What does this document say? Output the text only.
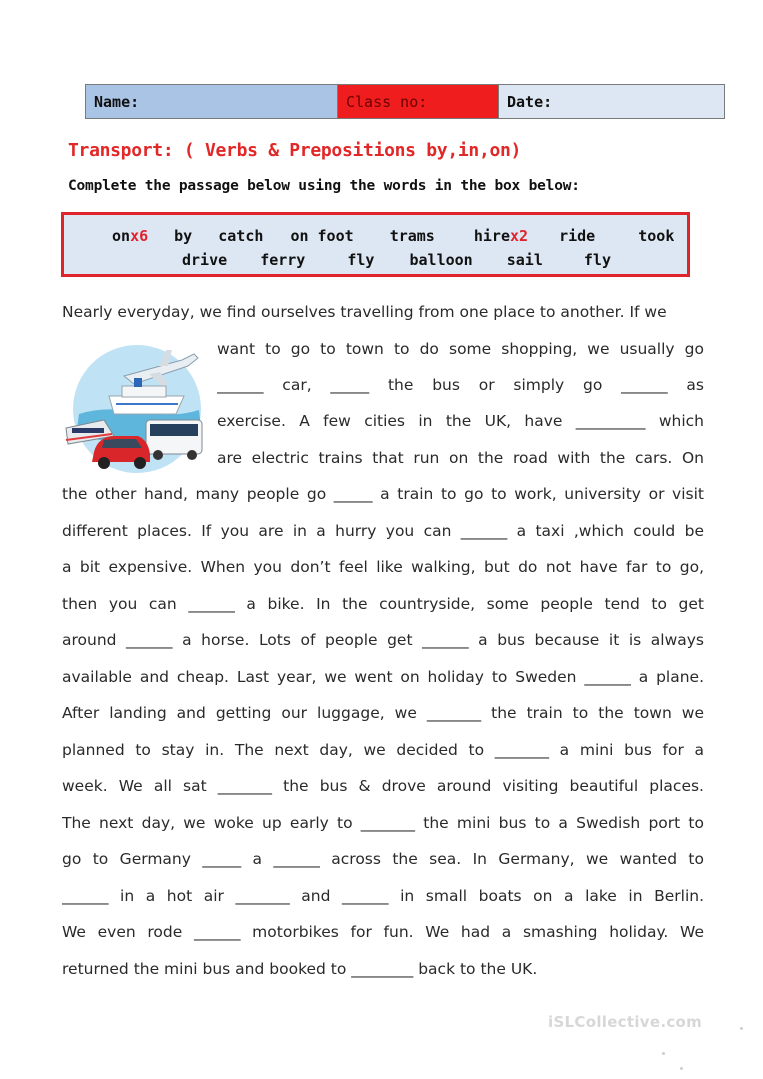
Name:	Class no:	Date:
Transport: ( Verbs & Prepositions by,in,on)
Complete the passage below using the words in the box below:
onx6 by catch on foot trams	hirex2 ride	took
drive ferry	fly balloon sail	fly
Nearly everyday, we find ourselves travelling from one place to another. If we
want to go to town to do some shopping, we usually go
______ car, _____ the bus or simply go ______ as
exercise. A few cities in the UK, have _________ which
are electric trains that run on the road with the cars. On
the other hand, many people go _____ a train to go to work, university or visit
different places. If you are in a hurry you can ______ a taxi ,which could be
a bit expensive. When you don’t feel like walking, but do not have far to go,
then you can ______ a bike. In the countryside, some people tend to get
around ______ a horse. Lots of people get ______ a bus because it is always
available and cheap. Last year, we went on holiday to Sweden ______ a plane.
After landing and getting our luggage, we _______ the train to the town we
planned to stay in. The next day, we decided to _______ a mini bus for a
week. We all sat _______ the bus & drove around visiting beautiful places.
The next day, we woke up early to _______ the mini bus to a Swedish port to
go to Germany _____ a ______ across the sea. In Germany, we wanted to
______ in a hot air _______ and ______ in small boats on a lake in Berlin.
We even rode ______ motorbikes for fun. We had a smashing holiday. We
returned the mini bus and booked to ________ back to the UK.
iSLCollective.com
